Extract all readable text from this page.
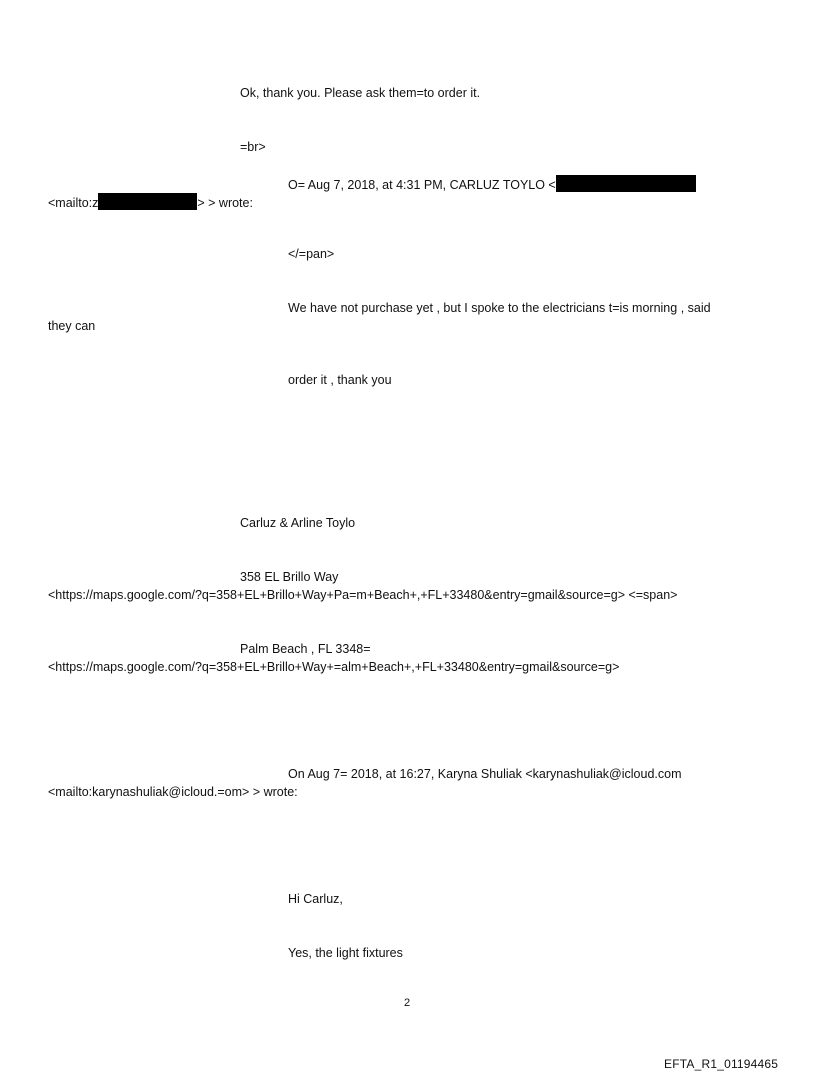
Ok, thank you. Please ask them=to order it.
=br>
O= Aug 7, 2018, at 4:31 PM, CARLUZ TOYLO <
<mailto:z	> > wrote:
</=pan>
We have not purchase yet , but I spoke to the electricians t=is morning , said
they can
order it , thank you
Carluz & Arline Toylo
358 EL Brillo Way
<https://maps.google.com/?q=358+EL+Brillo+Way+Pa=m+Beach+,+FL+33480&entry=gmail&source=g> <=span>
Palm Beach , FL 3348=
<https://maps.google.com/?q=358+EL+Brillo+Way+=alm+Beach+,+FL+33480&entry=gmail&source=g>
On Aug 7= 2018, at 16:27, Karyna Shuliak <karynashuliak@icloud.com
<mailto:karynashuliak@icloud.=om> > wrote:
Hi Carluz,
Yes, the light fixtures
2
EFTA_R1_01194465
